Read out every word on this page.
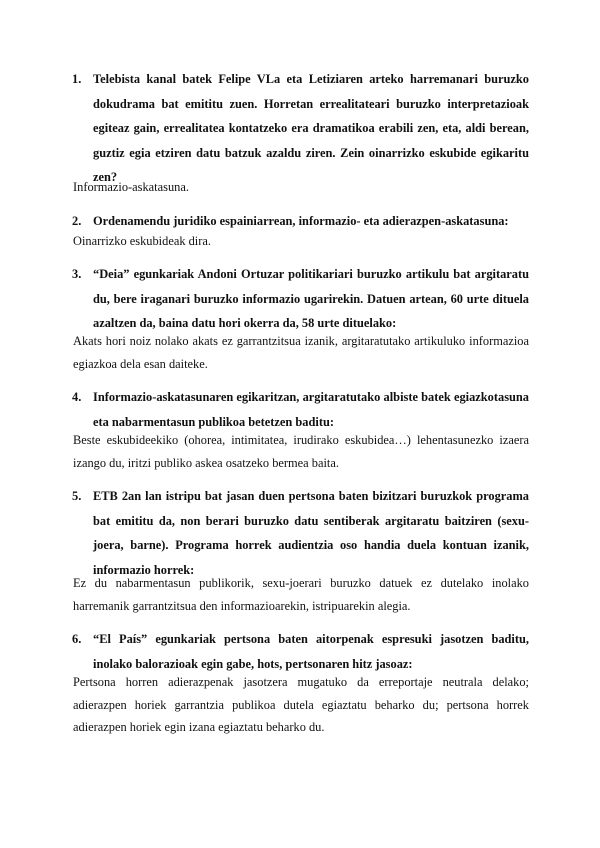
1. Telebista kanal batek Felipe VLa eta Letiziaren arteko harremanari buruzko dokudrama bat emititu zuen. Horretan errealitateari buruzko interpretazioak egiteaz gain, errealitatea kontatzeko era dramatikoa erabili zen, eta, aldi berean, guztiz egia etziren datu batzuk azaldu ziren. Zein oinarrizko eskubide egikaritu zen?
Informazio-askatasuna.
2. Ordenamendu juridiko espainiarrean, informazio- eta adierazpen-askatasuna:
Oinarrizko eskubideak dira.
3. “Deia” egunkariak Andoni Ortuzar politikariari buruzko artikulu bat argitaratu du, bere iraganari buruzko informazio ugarirekin. Datuen artean, 60 urte dituela azaltzen da, baina datu hori okerra da, 58 urte dituelako:
Akats hori noiz nolako akats ez garrantzitsua izanik, argitaratutako artikuluko informazioa egiazkoa dela esan daiteke.
4. Informazio-askatasunaren egikaritzan, argitaratutako albiste batek egiazkotasuna eta nabarmentasun publikoa betetzen baditu:
Beste eskubideekiko (ohorea, intimitatea, irudirako eskubidea…) lehentasunezko izaera izango du, iritzi publiko askea osatzeko bermea baita.
5. ETB 2an lan istripu bat jasan duen pertsona baten bizitzari buruzkok programa bat emititu da, non berari buruzko datu sentiberak argitaratu baitziren (sexu-joera, barne). Programa horrek audientzia oso handia duela kontuan izanik, informazio horrek:
Ez du nabarmentasun publikorik, sexu-joerari buruzko datuek ez dutelako inolako harremanik garrantzitsua den informazioarekin, istripuarekin alegia.
6. “El País” egunkariak pertsona baten aitorpenak espresuki jasotzen baditu, inolako balorazioak egin gabe, hots, pertsonaren hitz jasoaz:
Pertsona horren adierazpenak jasotzera mugatuko da erreportaje neutrala delako; adierazpen horiek garrantzia publikoa dutela egiaztatu beharko du; pertsona horrek adierazpen horiek egin izana egiaztatu beharko du.
